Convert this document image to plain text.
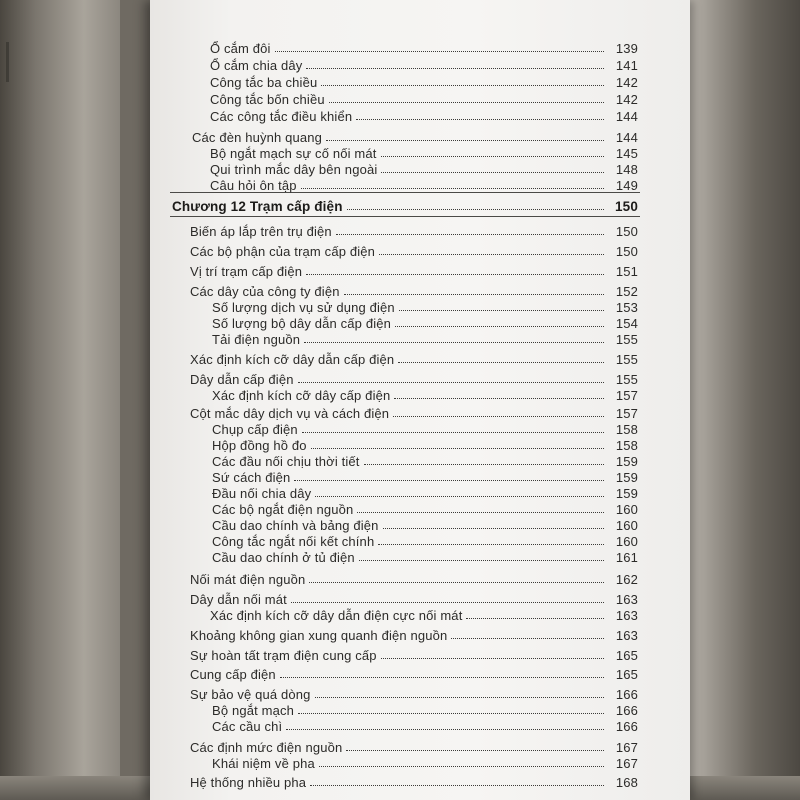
Ổ cắm đôi	139
Ổ cắm chia dây	141
Công tắc ba chiều	142
Công tắc bốn chiều	142
Các công tắc điều khiển	144
Các đèn huỳnh quang	144
Bộ ngắt mạch sự cố nối mát	145
Qui trình mắc dây bên ngoài	148
Câu hỏi ôn tập	149
Chương 12 Trạm cấp điện	150
Biến áp lắp trên trụ điện	150
Các bộ phận của trạm cấp điện	150
Vị trí trạm cấp điện	151
Các dây của công ty điện	152
Số lượng dịch vụ sử dụng điện	153
Số lượng bộ dây dẫn cấp điện	154
Tải điện nguồn	155
Xác định kích cỡ dây dẫn cấp điện	155
Dây dẫn cấp điện	155
Xác định kích cỡ dây cấp điện	157
Cột mắc dây dịch vụ và cách điện	157
Chụp cấp điện	158
Hộp đồng hồ đo	158
Các đầu nối chịu thời tiết	159
Sứ cách điện	159
Đầu nối chia dây	159
Các bộ ngắt điện nguồn	160
Cầu dao chính và bảng điện	160
Công tắc ngắt nối kết chính	160
Cầu dao chính ở tủ điện	161
Nối mát điện nguồn	162
Dây dẫn nối mát	163
Xác định kích cỡ dây dẫn điện cực nối mát	163
Khoảng không gian xung quanh điện nguồn	163
Sự hoàn tất trạm điện cung cấp	165
Cung cấp điện	165
Sự bảo vệ quá dòng	166
Bộ ngắt mạch	166
Các cầu chì	166
Các định mức điện nguồn	167
Khái niệm về pha	167
Hệ thống nhiều pha	168
